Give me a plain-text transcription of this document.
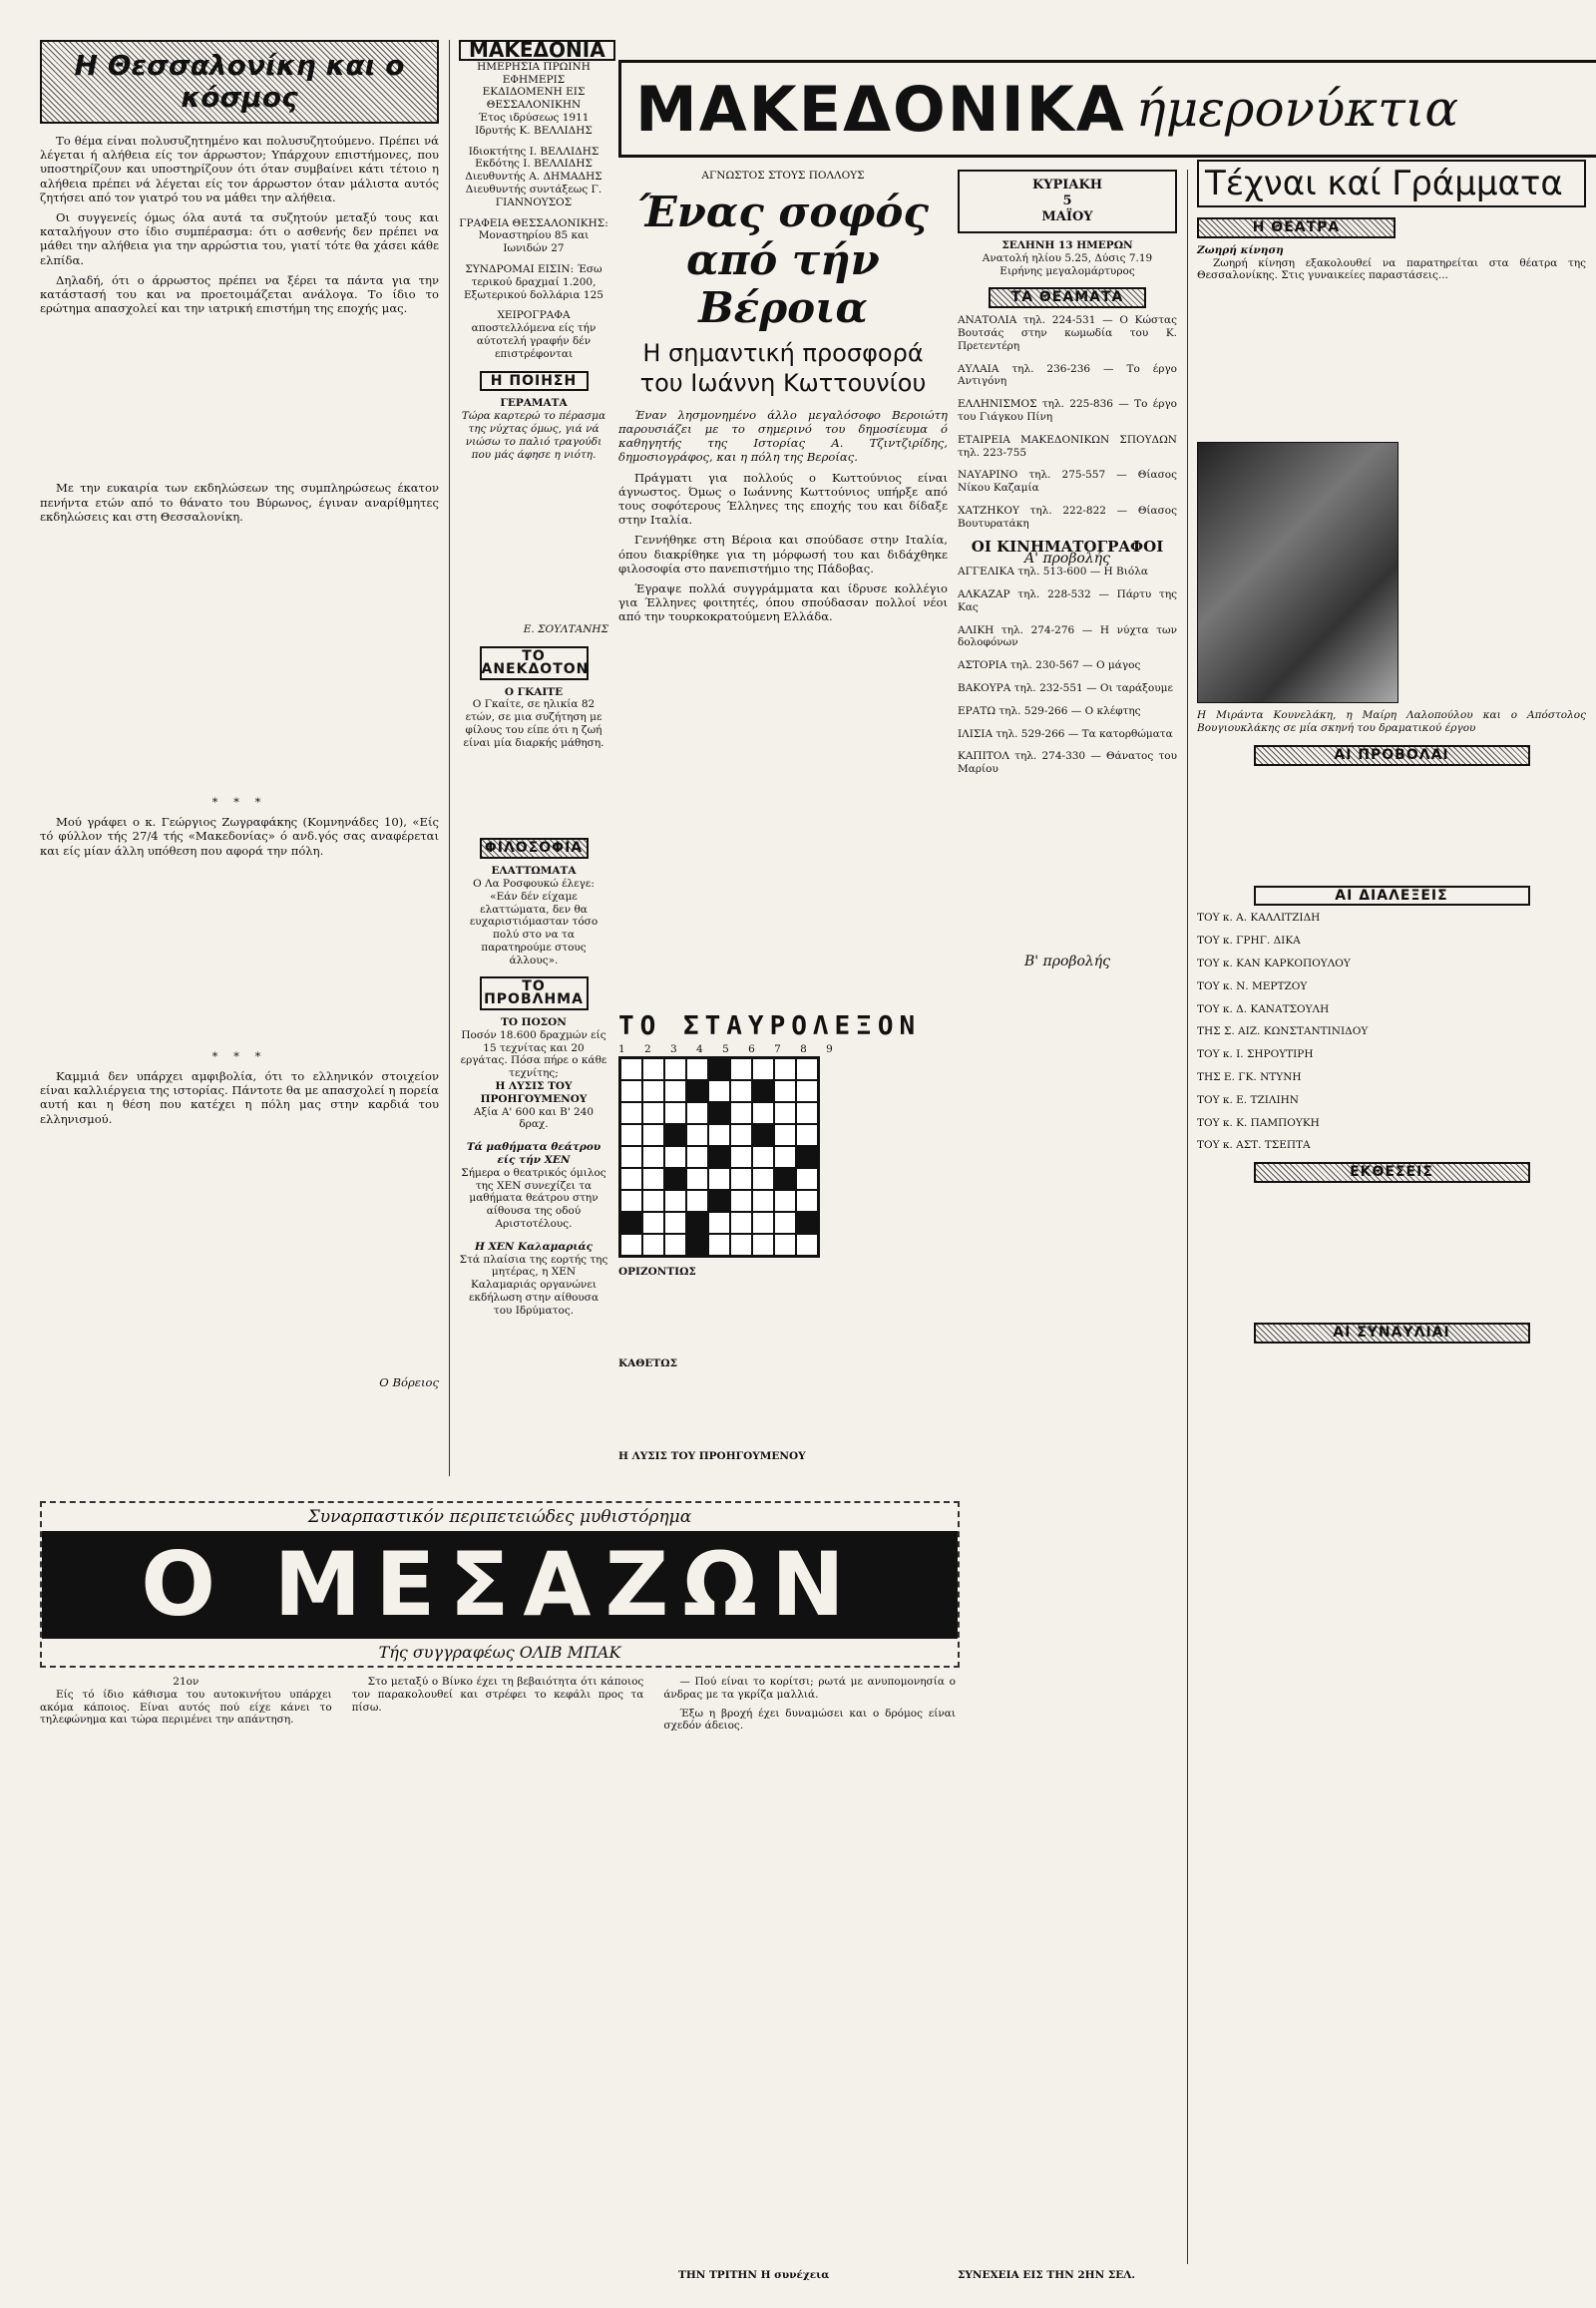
Η Θεσσαλονίκη και ο κόσμος

Το θέμα είναι πολυσυζητημένο και πολυσυζητούμενο. Πρέπει νά λέγεται ή αλήθεια είς τον άρρωστον; Υπάρχουν επιστήμονες, που υποστηρίζουν και υποστηρίζουν ότι όταν συμβαίνει κάτι τέτοιο η αλήθεια πρέπει νά λέγεται είς τον άρρωστον όταν μάλιστα αυτός ζητήσει από τον γιατρό του να μάθει την αλήθεια.

Οι συγγενείς όμως όλα αυτά τα συζητούν μεταξύ τους και καταλήγουν στο ίδιο συμπέρασμα: ότι ο ασθενής δεν πρέπει να μάθει την αλήθεια για την αρρώστια του, γιατί τότε θα χάσει κάθε ελπίδα.

Δηλαδή, ότι ο άρρωστος πρέπει να ξέρει τα πάντα για την κατάστασή του και να προετοιμάζεται ανάλογα. Το ίδιο το ερώτημα απασχολεί και την ιατρική επιστήμη της εποχής μας.

Με την ευκαιρία των εκδηλώσεων της συμπληρώσεως έκατον πενήντα ετών από το θάνατο του Βύρωνος, έγιναν αναρίθμητες εκδηλώσεις και στη Θεσσαλονίκη.

* * *

Μού γράφει ο κ. Γεώργιος Ζωγραφάκης (Κομνηνάδες 10), «Είς τό φύλλον τής 27/4 τής «Μακεδονίας» ό ανδ.γός σας αναφέρεται και είς μίαν άλλη υπόθεση που αφορά την πόλη.

* * *

Καμμιά δεν υπάρχει αμφιβολία, ότι το ελληνικόν στοιχείον είναι καλλιέργεια της ιστορίας. Πάντοτε θα με απασχολεί η πορεία αυτή και η θέση που κατέχει η πόλη μας στην καρδιά του ελληνισμού.

Ο Βόρειος
ΜΑΚΕΔΟΝΙΑ
ΗΜΕΡΗΣΙΑ ΠΡΩΙΝΗ ΕΦΗΜΕΡΙΣ
ΕΚΔΙΔΟΜΕΝΗ ΕΙΣ ΘΕΣΣΑΛΟΝΙΚΗΝ
Έτος ιδρύσεως 1911
Ιδρυτής Κ. ΒΕΛΛΙΔΗΣ
Ιδιοκτήτης Ι. ΒΕΛΛΙΔΗΣ
Εκδότης Ι. ΒΕΛΛΙΔΗΣ
Διευθυντής Α. ΔΗΜΑΔΗΣ
Διευθυντής συντάξεως Γ. ΓΙΑΝΝΟΥΣΟΣ
ΓΡΑΦΕΙΑ ΘΕΣΣΑΛΟΝΙΚΗΣ: Μοναστηρίου 85 και Ιωνιδών 27
ΣΥΝΔΡΟΜΑΙ ΕΙΣΙΝ: Έσω τερικού δραχμαί 1.200, Εξωτερικού δολλάρια 125
ΧΕΙΡΟΓΡΑΦΑ αποστελλόμενα είς τήν αύτοτελή γραφήν δέν επιστρέφονται
Η ΠΟΙΗΣΗ
ΓΕΡΑΜΑΤΑ
Τώρα καρτερώ το πέρασμα της νύχτας όμως, γιά νά νιώσω το παλιό τραγούδι που μάς άφησε η νιότη.
Ε. ΣΟΥΛΤΑΝΗΣ
ΤΟ ΑΝΕΚΔΟΤΟΝ
Ο ΓΚΑΙΤΕ
Ο Γκαίτε, σε ηλικία 82 ετών, σε μια συζήτηση με φίλους του είπε ότι η ζωή είναι μία διαρκής μάθηση.
ΦΙΛΟΣΟΦΙΑ
ΕΛΑΤΤΩΜΑΤΑ
Ο Λα Ροσφουκώ έλεγε: «Εάν δέν είχαμε ελαττώματα, δεν θα ευχαριστιόμασταν τόσο πολύ στο να τα παρατηρούμε στους άλλους».
ΤΟ ΠΡΟΒΛΗΜΑ
ΤΟ ΠΟΣΟΝ
Ποσόν 18.600 δραχμών είς 15 τεχνίτας και 20 εργάτας. Πόσα πήρε ο κάθε τεχνίτης;
Η ΛΥΣΙΣ ΤΟΥ ΠΡΟΗΓΟΥΜΕΝΟΥ
Αξία Α' 600 και Β' 240 δραχ.
Τά μαθήματα θεάτρου είς τήν ΧΕΝ
Σήμερα ο θεατρικός όμιλος της ΧΕΝ συνεχίζει τα μαθήματα θεάτρου στην αίθουσα της οδού Αριστοτέλους.
Η ΧΕΝ Καλαμαριάς
Στά πλαίσια της εορτής της μητέρας, η ΧΕΝ Καλαμαριάς οργανώνει εκδήλωση στην αίθουσα του Ιδρύματος.
ΜΑΚΕΔΟΝΙΚΑ ήμερονύκτια
ΑΓΝΩΣΤΟΣ ΣΤΟΥΣ ΠΟΛΛΟΥΣ
Ένας σοφός από τήν Βέροια
Η σημαντική προσφορά του Ιωάννη Κωττουνίου

Έναν λησμονημένο άλλο μεγαλόσοφο Βεροιώτη παρουσιάζει με το σημερινό του δημοσίευμα ό καθηγητής της Ιστορίας Α. Τζιντζιρίδης, δημοσιογράφος, και η πόλη της Βεροίας.

Πράγματι για πολλούς ο Κωττούνιος είναι άγνωστος. Όμως ο Ιωάννης Κωττούνιος υπήρξε από τους σοφότερους Έλληνες της εποχής του και δίδαξε στην Ιταλία.

Γεννήθηκε στη Βέροια και σπούδασε στην Ιταλία, όπου διακρίθηκε για τη μόρφωσή του και διδάχθηκε φιλοσοφία στο πανεπιστήμιο της Πάδοβας.

Έγραψε πολλά συγγράμματα και ίδρυσε κολλέγιο για Έλληνες φοιτητές, όπου σπούδασαν πολλοί νέοι από την τουρκοκρατούμενη Ελλάδα.

ΤΟ ΣΤΑΥΡΟΛΕΞΟΝ
1 2 3 4 5 6 7 8 9
ΟΡΙΖΟΝΤΙΩΣ
ΚΑΘΕΤΩΣ
Η ΛΥΣΙΣ ΤΟΥ ΠΡΟΗΓΟΥΜΕΝΟΥ
ΚΥΡΙΑΚΗ
5
ΜΑΪΟΥ
ΣΕΛΗΝΗ 13 ΗΜΕΡΩΝ
Ανατολή ηλίου 5.25, Δύσις 7.19
Ειρήνης μεγαλομάρτυρος
ΤΑ ΘΕΑΜΑΤΑ
ΑΝΑΤΟΛΙΑ τηλ. 224-531 — Ο Κώστας Βουτσάς στην κωμωδία του Κ. Πρετεντέρη
ΑΥΛΑΙΑ τηλ. 236-236 — Το έργο Αντιγόνη
ΕΛΛΗΝΙΣΜΟΣ τηλ. 225-836 — Το έργο του Γιάγκου Πίνη
ΕΤΑΙΡΕΙΑ ΜΑΚΕΔΟΝΙΚΩΝ ΣΠΟΥΔΩΝ τηλ. 223-755
ΝΑΥΑΡΙΝΟ τηλ. 275-557 — Θίασος Νίκου Καζαμία
ΧΑΤΖΗΚΟΥ τηλ. 222-822 — Θίασος Βουτυρατάκη
ΟΙ ΚΙΝΗΜΑΤΟΓΡΑΦΟΙ
Α' προβολής
ΑΓΓΕΛΙΚΑ τηλ. 513-600 — Η Βιόλα
ΑΛΚΑΖΑΡ τηλ. 228-532 — Πάρτυ της Κας
ΑΛΙΚΗ τηλ. 274-276 — Η νύχτα των δολοφόνων
ΑΣΤΟΡΙΑ τηλ. 230-567 — Ο μάγος
ΒΑΚΟΥΡΑ τηλ. 232-551 — Οι ταράξουμε
ΕΡΑΤΩ τηλ. 529-266 — Ο κλέφτης
ΙΛΙΣΙΑ τηλ. 529-266 — Τα κατορθώματα
ΚΑΠΙΤΟΛ τηλ. 274-330 — Θάνατος του Μαρίου
Β' προβολής
Τέχναι καί Γράμματα
Η ΘΕΑΤΡΑ
Ζωηρή κίνηση

Ζωηρή κίνηση εξακολουθεί να παρατηρείται στα θέατρα της Θεσσαλονίκης. Στις γυναικείες παραστάσεις...

Η Μιράντα Κουνελάκη, η Μαίρη Λαλοπούλου και ο Απόστολος Βουγιουκλάκης σε μία σκηνή του δραματικού έργου
ΑΙ ΠΡΟΒΟΛΑΙ
ΑΙ ΔΙΑΛΕΞΕΙΣ
ΤΟΥ κ. Α. ΚΑΛΛΙΤΖΙΔΗ
ΤΟΥ κ. ΓΡΗΓ. ΔΙΚΑ
ΤΟΥ κ. ΚΑΝ ΚΑΡΚΟΠΟΥΛΟΥ
ΤΟΥ κ. Ν. ΜΕΡΤΖΟΥ
ΤΟΥ κ. Δ. ΚΑΝΑΤΣΟΥΛΗ
ΤΗΣ Σ. ΑΙΖ. ΚΩΝΣΤΑΝΤΙΝΙΔΟΥ
ΤΟΥ κ. Ι. ΣΗΡΟΥΤΙΡΗ
ΤΗΣ Ε. ΓΚ. ΝΤΥΝΗ
ΤΟΥ κ. Ε. ΤΖΙΛΙΗΝ
ΤΟΥ κ. Κ. ΠΑΜΠΟΥΚΗ
ΤΟΥ κ. ΑΣΤ. ΤΣΕΠΤΑ
ΕΚΘΕΣΕΙΣ
ΑΙ ΣΥΝΑΥΛΙΑΙ
Συναρπαστικόν περιπετειώδες μυθιστόρημα
Ο ΜΕΣΑΖΩΝ
Τής συγγραφέως ΟΛΙΒ ΜΠΑΚ
21ον

Είς τό ίδιο κάθισμα του αυτοκινήτου υπάρχει ακόμα κάποιος. Είναι αυτός πού είχε κάνει το τηλεφώνημα και τώρα περιμένει την απάντηση.

Στο μεταξύ ο Βίνκο έχει τη βεβαιότητα ότι κάποιος τον παρακολουθεί και στρέφει το κεφάλι προς τα πίσω.

— Πού είναι το κορίτσι; ρωτά με ανυπομονησία ο άνδρας με τα γκρίζα μαλλιά.

Έξω η βροχή έχει δυναμώσει και ο δρόμος είναι σχεδόν άδειος.

ΤΗΝ ΤΡΙΤΗΝ Η συνέχεια	ΣΥΝΕΧΕΙΑ ΕΙΣ ΤΗΝ 2ΗΝ ΣΕΛ.
